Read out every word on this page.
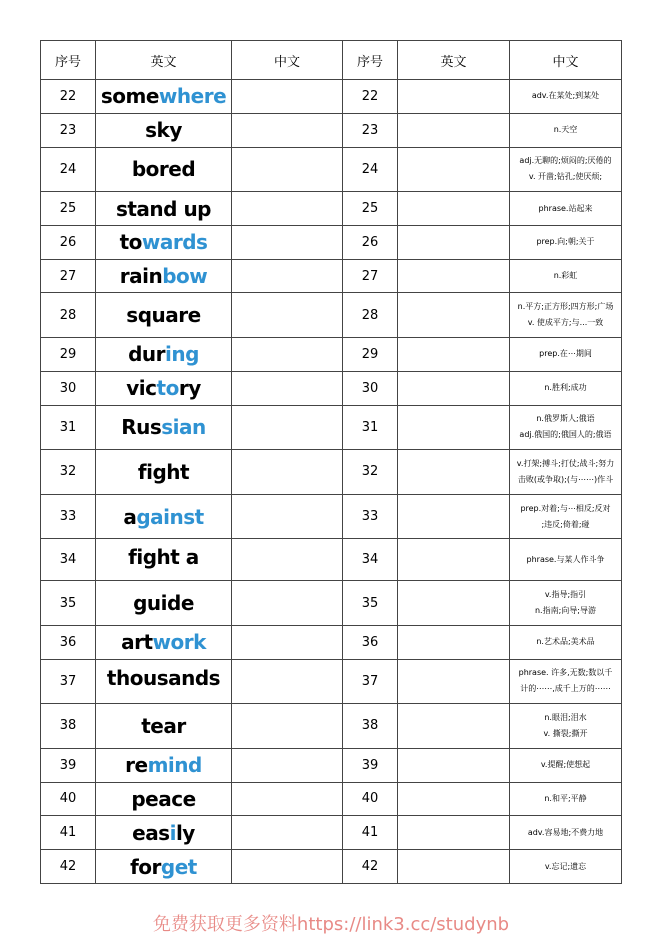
序号	英文	中文	序号	英文	中文
22	somewhere		22		adv.在某处;到某处

23	sky		23		n.天空

24	bored		24		adj.无聊的;烦闷的;厌倦的
v. 开凿;钻孔;使厌烦;

25	stand up		25		phrase.站起来

26	towards		26		prep.向;朝;关于

27	rainbow		27		n.彩虹

28	square		28		n.平方;正方形;四方形;广场
v. 使成平方;与...一致

29	during		29		prep.在⋯期间

30	victory		30		n.胜利;成功

31	Russian		31		n.俄罗斯人;俄语
adj.俄国的;俄国人的;俄语

32	fight		32		v.打架;搏斗;打仗;战斗;努力
击败(或争取);(与⋯⋯)作斗

33	against		33		prep.对着;与⋯相反;反对
;违反;倚着;碰

34	fight a		34		phrase.与某人作斗争

35	guide		35		v.指导;指引
n.指南;向导;导游

36	artwork		36		n.艺术品;美术品

37	thousands		37		phrase. 许多,无数;数以千
计的⋯⋯,成千上万的⋯⋯

38	tear		38		n.眼泪;泪水
v. 撕裂;撕开

39	remind		39		v.提醒;使想起

40	peace		40		n.和平;平静

41	easily		41		adv.容易地;不费力地

42	forget		42		v.忘记;遗忘
免费获取更多资料https://link3.cc/studynb
